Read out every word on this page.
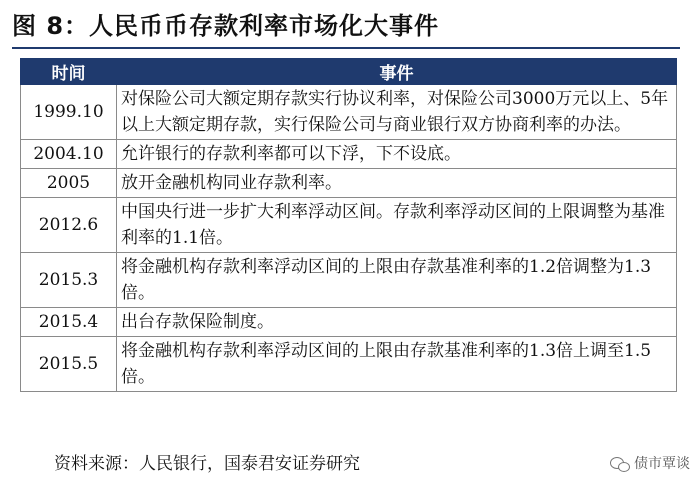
图 8：人民币币存款利率市场化大事件
时间	事件
1999.10	对保险公司大额定期存款实行协议利率，对保险公司3000万元以上、5年以上大额定期存款，实行保险公司与商业银行双方协商利率的办法。
2004.10	允许银行的存款利率都可以下浮，下不设底。
2005	放开金融机构同业存款利率。
2012.6	中国央行进一步扩大利率浮动区间。存款利率浮动区间的上限调整为基准利率的1.1倍。
2015.3	将金融机构存款利率浮动区间的上限由存款基准利率的1.2倍调整为1.3倍。
2015.4	出台存款保险制度。
2015.5	将金融机构存款利率浮动区间的上限由存款基准利率的1.3倍上调至1.5倍。
资料来源：人民银行，国泰君安证券研究	债市覃谈
